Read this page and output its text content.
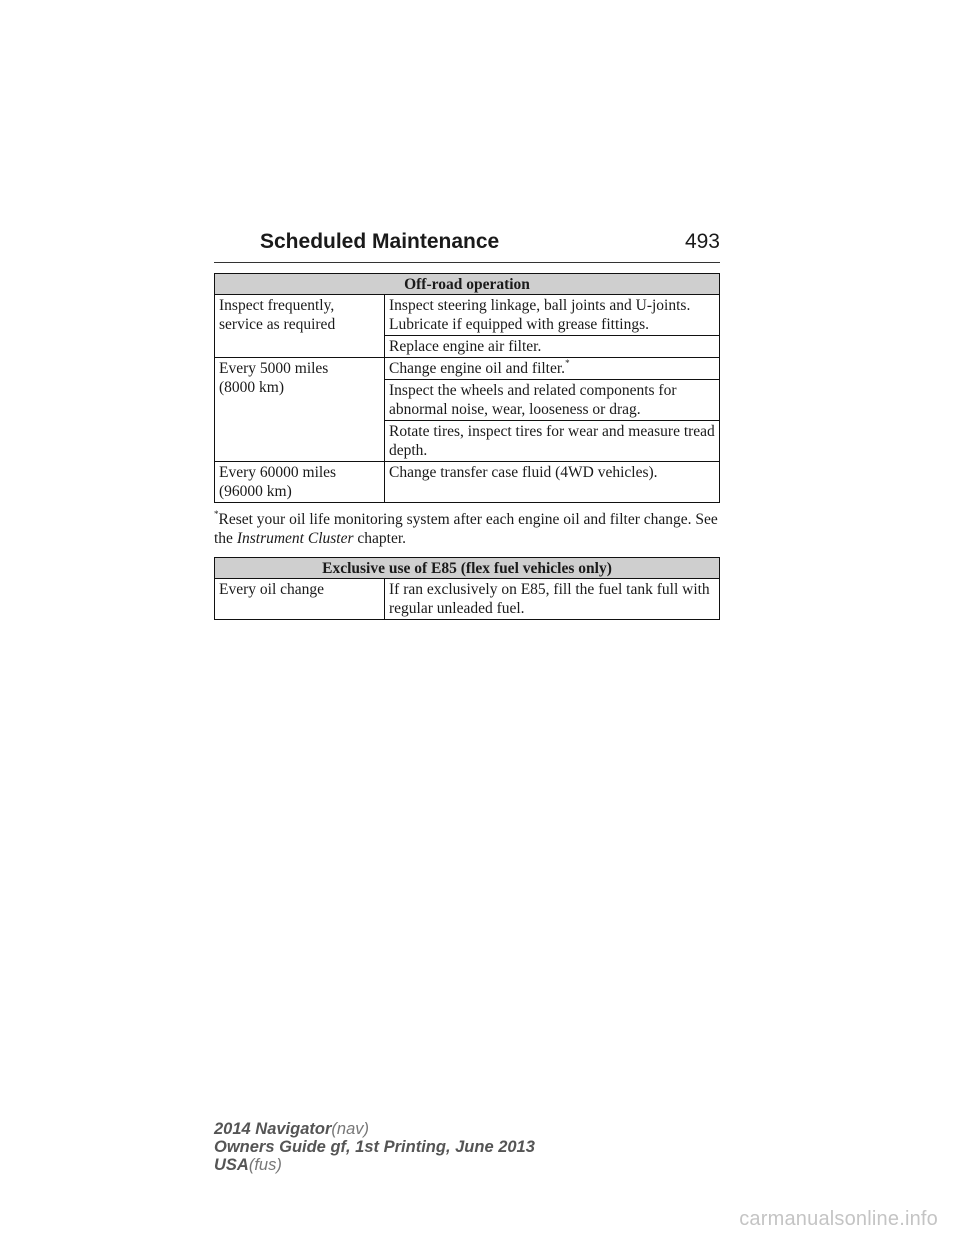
Scheduled Maintenance	493
Off-road operation	
Inspect frequently, service as required	Inspect steering linkage, ball joints and U-joints. Lubricate if equipped with grease fittings.
	Replace engine air filter.
Every 5000 miles
(8000 km)	Change engine oil and filter.*
	Inspect the wheels and related components for abnormal noise, wear, looseness or drag.
	Rotate tires, inspect tires for wear and measure tread depth.
Every 60000 miles
(96000 km)	Change transfer case fluid (4WD vehicles).
*Reset your oil life monitoring system after each engine oil and filter change. See the Instrument Cluster chapter.
Exclusive use of E85 (flex fuel vehicles only)
Every oil change	If ran exclusively on E85, fill the fuel tank full with regular unleaded fuel.
2014 Navigator(nav)
Owners Guide gf, 1st Printing, June 2013
USA(fus)
carmanualsonline.info
